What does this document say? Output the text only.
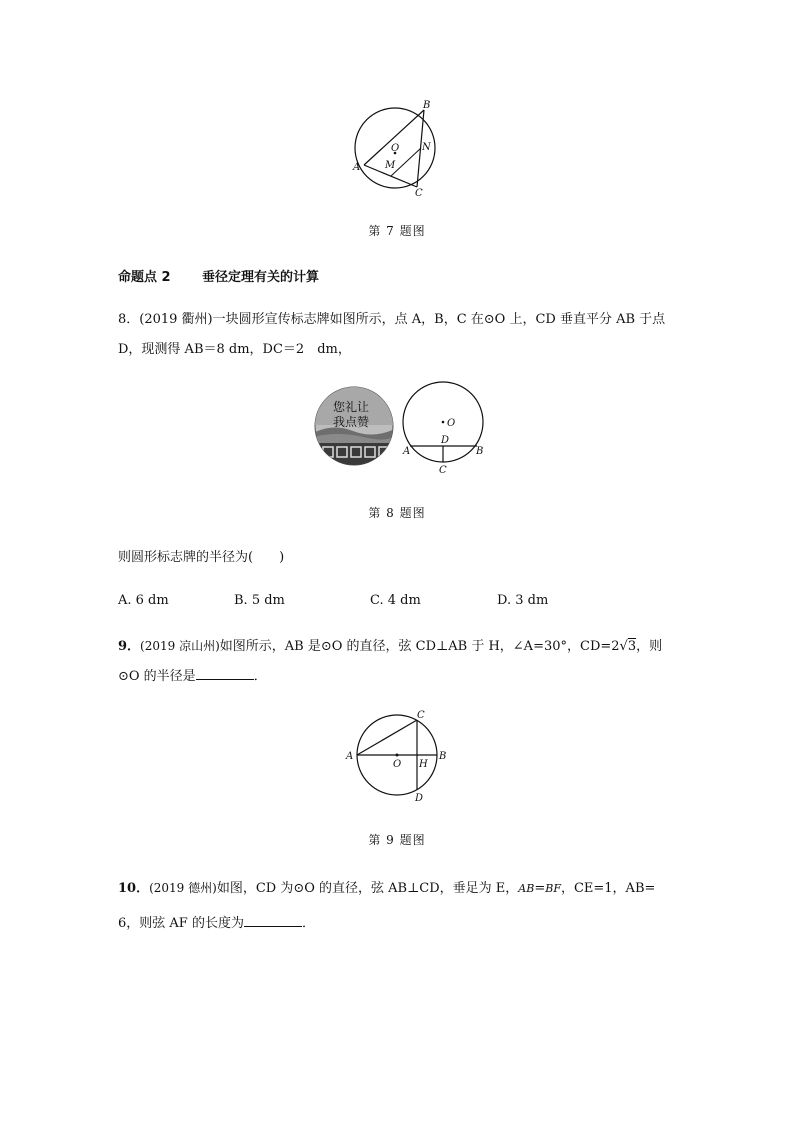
B
O N
A M
C
第 7 题图
命题点 2 垂径定理有关的计算
8．(2019 衢州)一块圆形宣传标志牌如图所示，点 A，B，C 在⊙O 上，CD 垂直平分 AB 于点
D，现测得 AB＝8 dm，DC＝2　dm，
您礼让
我点赞	O
D
A	B
C
第 8 题图
则圆形标志牌的半径为(　　)
A. 6 dm	B. 5 dm	C. 4 dm	D. 3 dm
9．(2019 凉山州)如图所示，AB 是⊙O 的直径，弦 CD⊥AB 于 H，∠A=30°，CD=2√3，则
⊙O 的半径是	．
C
A	B
O H
D
第 9 题图
10．(2019 德州)如图，CD 为⊙O 的直径，弦 AB⊥CD，垂足为 E，AB=BF，CE=1，AB=
6，则弦 AF 的长度为	．
